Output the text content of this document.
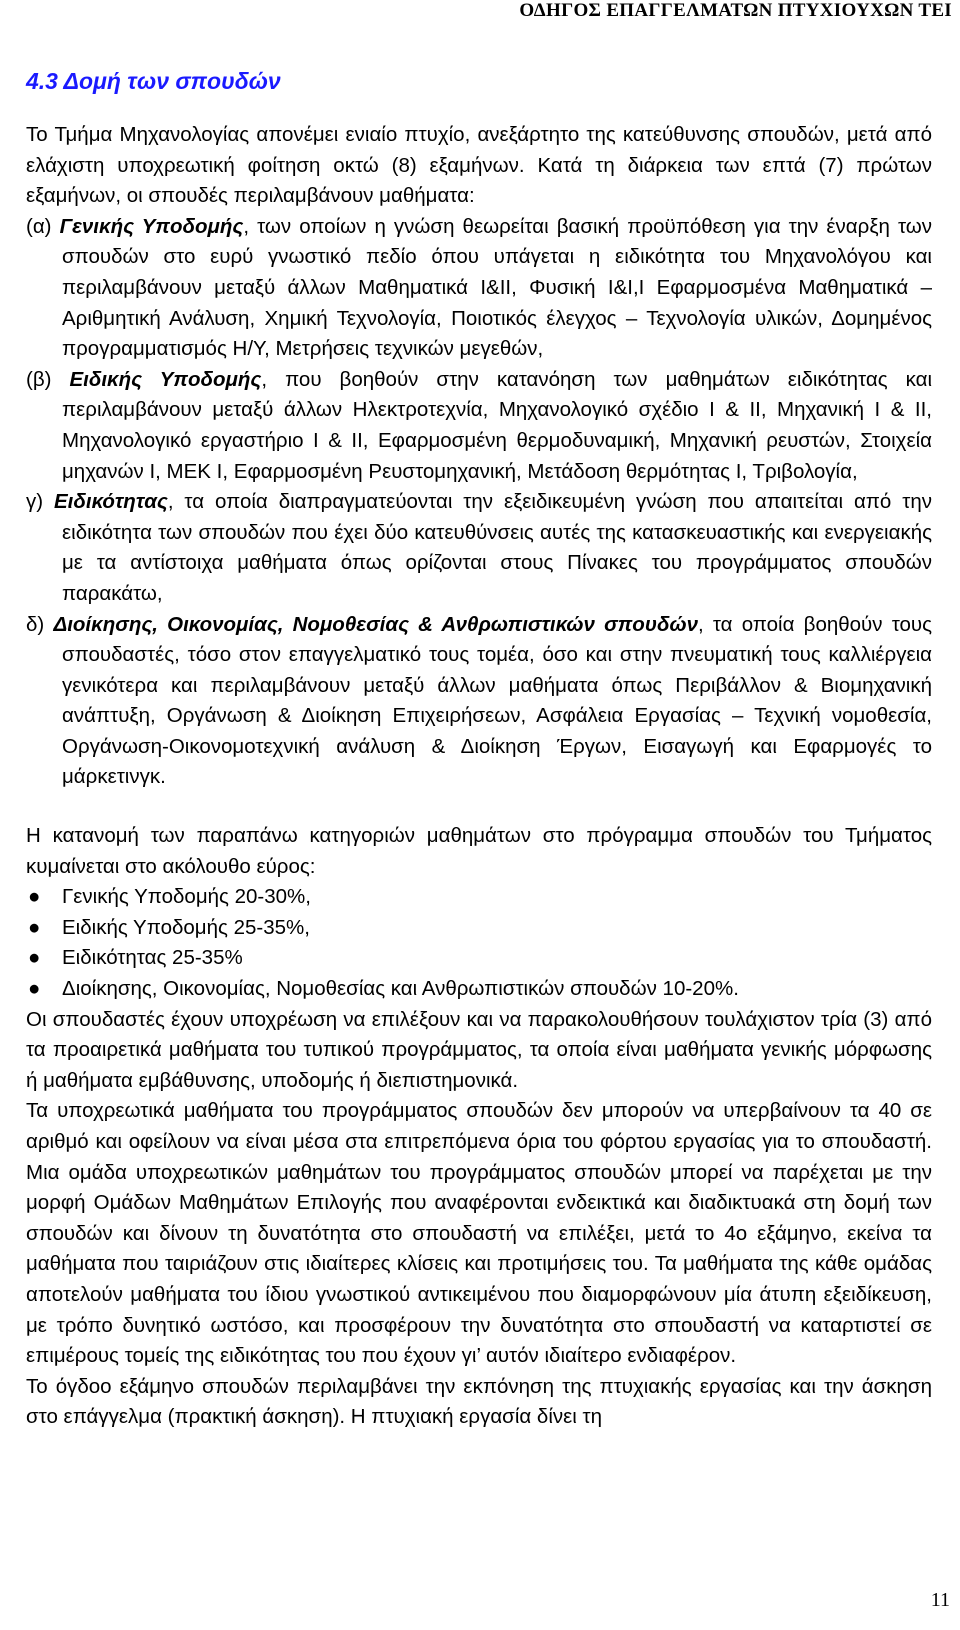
ΟΔΗΓΟΣ ΕΠΑΓΓΕΛΜΑΤΩΝ ΠΤΥΧΙΟΥΧΩΝ ΤΕΙ
4.3 Δομή των σπουδών

Το Τμήμα Μηχανολογίας απονέμει ενιαίο πτυχίο, ανεξάρτητο της κατεύθυνσης σπουδών, μετά από ελάχιστη υποχρεωτική φοίτηση οκτώ (8) εξαμήνων. Κατά τη διάρκεια των επτά (7) πρώτων εξαμήνων, οι σπουδές περιλαμβάνουν μαθήματα:

(α) Γενικής Υποδομής, των οποίων η γνώση θεωρείται βασική προϋπόθεση για την έναρξη των σπουδών στο ευρύ γνωστικό πεδίο όπου υπάγεται η ειδικότητα του Μηχανολόγου και περιλαμβάνουν μεταξύ άλλων Μαθηματικά Ι&ΙΙ, Φυσική Ι&Ι,Ι Εφαρμοσμένα Μαθηματικά – Αριθμητική Ανάλυση, Χημική Τεχνολογία, Ποιοτικός έλεγχος – Τεχνολογία υλικών, Δομημένος προγραμματισμός Η/Υ, Μετρήσεις τεχνικών μεγεθών,

(β) Ειδικής Υποδομής, που βοηθούν στην κατανόηση των μαθημάτων ειδικότητας και περιλαμβάνουν μεταξύ άλλων Ηλεκτροτεχνία, Μηχανολογικό σχέδιο Ι & ΙΙ, Μηχανική Ι & ΙΙ, Μηχανολογικό εργαστήριο Ι & ΙΙ, Εφαρμοσμένη θερμοδυναμική, Μηχανική ρευστών, Στοιχεία μηχανών Ι, ΜΕΚ Ι, Εφαρμοσμένη Ρευστομηχανική, Μετάδοση θερμότητας Ι, Τριβολογία,

γ) Ειδικότητας, τα οποία διαπραγματεύονται την εξειδικευμένη γνώση που απαιτείται από την ειδικότητα των σπουδών που έχει δύο κατευθύνσεις αυτές της κατασκευαστικής και ενεργειακής με τα αντίστοιχα μαθήματα όπως ορίζονται στους Πίνακες του προγράμματος σπουδών παρακάτω,

δ) Διοίκησης, Οικονομίας, Νομοθεσίας & Ανθρωπιστικών σπουδών, τα οποία βοηθούν τους σπουδαστές, τόσο στον επαγγελματικό τους τομέα, όσο και στην πνευματική τους καλλιέργεια γενικότερα και περιλαμβάνουν μεταξύ άλλων μαθήματα όπως Περιβάλλον & Βιομηχανική ανάπτυξη, Οργάνωση & Διοίκηση Επιχειρήσεων, Ασφάλεια Εργασίας – Τεχνική νομοθεσία, Οργάνωση-Οικονομοτεχνική ανάλυση & Διοίκηση Έργων, Εισαγωγή και Εφαρμογές το μάρκετινγκ.

Η κατανομή των παραπάνω κατηγοριών μαθημάτων στο πρόγραμμα σπουδών του Τμήματος κυμαίνεται στο ακόλουθο εύρος:

● Γενικής Υποδομής 20-30%,
● Ειδικής Υποδομής 25-35%,
● Ειδικότητας 25-35%
● Διοίκησης, Οικονομίας, Νομοθεσίας και Ανθρωπιστικών σπουδών 10-20%.

Οι σπουδαστές έχουν υποχρέωση να επιλέξουν και να παρακολουθήσουν τουλάχιστον τρία (3) από τα προαιρετικά μαθήματα του τυπικού προγράμματος, τα οποία είναι μαθήματα γενικής μόρφωσης ή μαθήματα εμβάθυνσης, υποδομής ή διεπιστημονικά.

Τα υποχρεωτικά μαθήματα του προγράμματος σπουδών δεν μπορούν να υπερβαίνουν τα 40 σε αριθμό και οφείλουν να είναι μέσα στα επιτρεπόμενα όρια του φόρτου εργασίας για το σπουδαστή. Μια ομάδα υποχρεωτικών μαθημάτων του προγράμματος σπουδών μπορεί να παρέχεται με την μορφή Ομάδων Μαθημάτων Επιλογής που αναφέρονται ενδεικτικά και διαδικτυακά στη δομή των σπουδών και δίνουν τη δυνατότητα στο σπουδαστή να επιλέξει, μετά το 4ο εξάμηνο, εκείνα τα μαθήματα που ταιριάζουν στις ιδιαίτερες κλίσεις και προτιμήσεις του. Τα μαθήματα της κάθε ομάδας αποτελούν μαθήματα του ίδιου γνωστικού αντικειμένου που διαμορφώνουν μία άτυπη εξειδίκευση, με τρόπο δυνητικό ωστόσο, και προσφέρουν την δυνατότητα στο σπουδαστή να καταρτιστεί σε επιμέρους τομείς της ειδικότητας του που έχουν γι’ αυτόν ιδιαίτερο ενδιαφέρον.

Το όγδοο εξάμηνο σπουδών περιλαμβάνει την εκπόνηση της πτυχιακής εργασίας και την άσκηση στο επάγγελμα (πρακτική άσκηση). Η πτυχιακή εργασία δίνει τη

11
